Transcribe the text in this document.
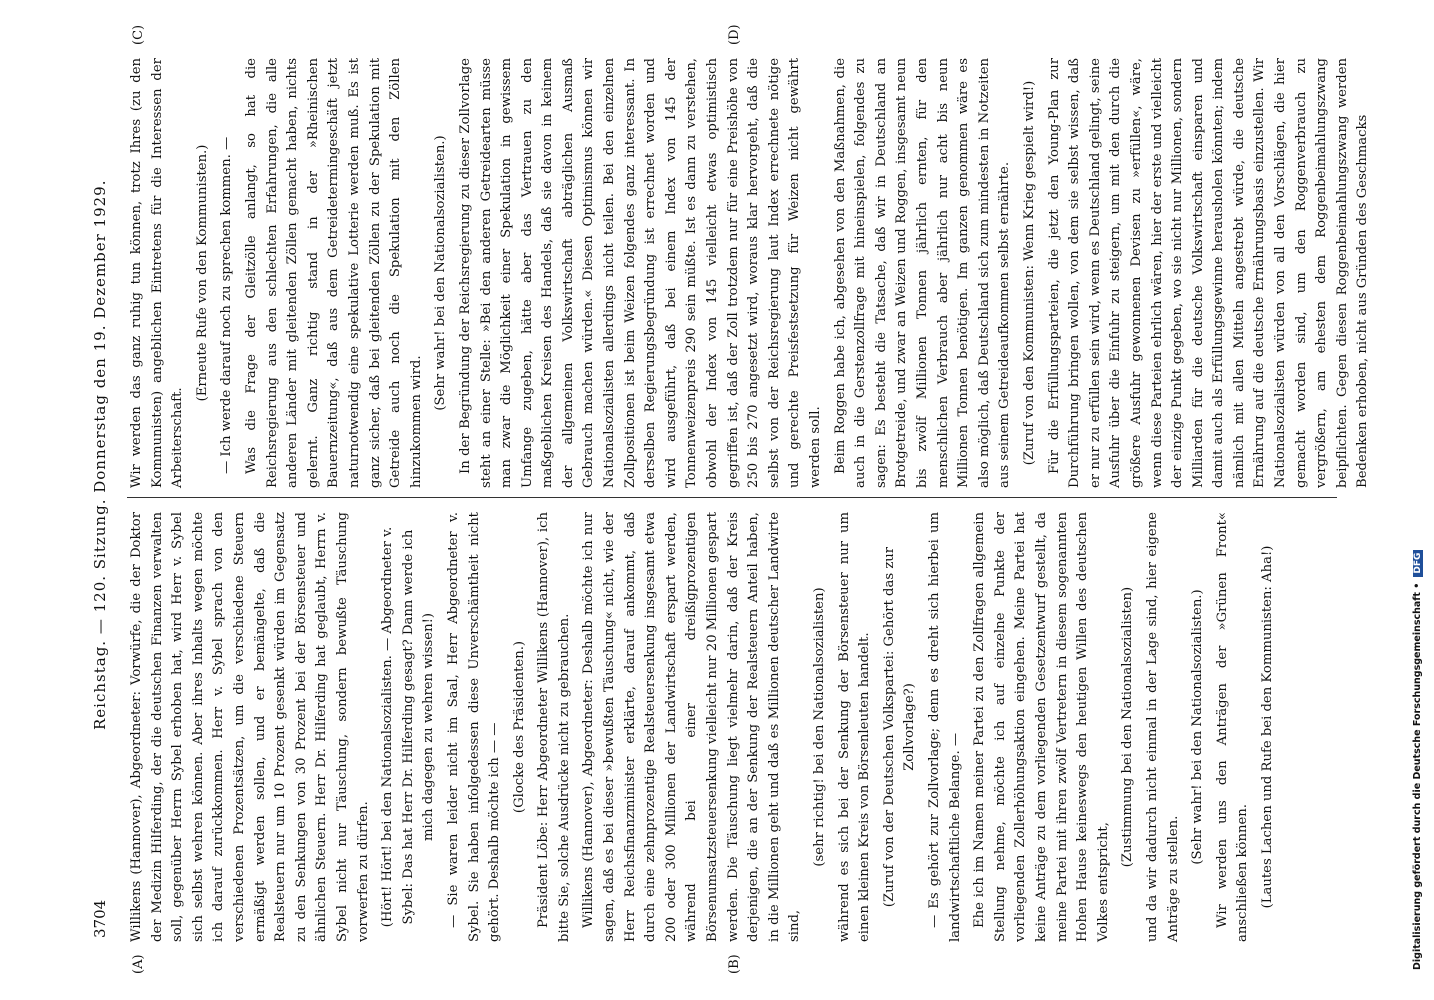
3704
Reichstag. — 120. Sitzung. Donnerstag den 19. Dezember 1929.
(A)	(B)
(C)	(D)

Willikens (Hannover), Abgeordneter: Vorwürfe, die der Doktor der Medizin Hilferding, der die deutschen Finanzen verwalten soll, gegenüber Herrn Sybel erhoben hat, wird Herr v. Sybel sich selbst wehren können. Aber ihres Inhalts wegen möchte ich darauf zurückkommen. Herr v. Sybel sprach von den verschiedenen Prozentsätzen, um die verschiedene Steuern ermäßigt werden sollen, und er bemängelte, daß die Realsteuern nur um 10 Prozent gesenkt würden im Gegensatz zu den Senkungen von 30 Prozent bei der Börsensteuer und ähnlichen Steuern. Herr Dr. Hilferding hat geglaubt, Herrn v. Sybel nicht nur Täuschung, sondern bewußte Täuschung vorwerfen zu dürfen. (Hört! Hört! bei den Nationalsozialisten. — Abgeordneter v. Sybel: Das hat Herr Dr. Hilferding gesagt? Dann werde ich mich dagegen zu wehren wissen!) — Sie waren leider nicht im Saal, Herr Abgeordneter v. Sybel. Sie haben infolgedessen diese Unverschämtheit nicht gehört. Deshalb möchte ich — — (Glocke des Präsidenten.) Präsident Löbe: Herr Abgeordneter Willikens (Hannover), ich bitte Sie, solche Ausdrücke nicht zu gebrauchen. Willikens (Hannover), Abgeordneter: Deshalb möchte ich nur sagen, daß es bei dieser »bewußten Täuschung« nicht, wie der Herr Reichsfinanzminister erklärte, darauf ankommt, daß durch eine zehnprozentige Realsteuersenkung insgesamt etwa 200 oder 300 Millionen der Landwirtschaft erspart werden, während bei einer dreißigprozentigen Börsenumsatzsteuersenkung vielleicht nur 20 Millionen gespart werden. Die Täuschung liegt vielmehr darin, daß der Kreis derjenigen, die an der Senkung der Realsteuern Anteil haben, in die Millionen geht und daß es Millionen deutscher Landwirte sind,

(sehr richtig! bei den Nationalsozialisten) während es sich bei der Senkung der Börsensteuer nur um einen kleinen Kreis von Börsenleuten handelt. (Zuruf von der Deutschen Volkspartei: Gehört das zur Zollvorlage?) — Es gehört zur Zollvorlage; denn es dreht sich hierbei um landwirtschaftliche Belange. — Ehe ich im Namen meiner Partei zu den Zollfragen allgemein Stellung nehme, möchte ich auf einzelne Punkte der vorliegenden Zollerhöhungsaktion eingehen. Meine Partei hat keine Anträge zu dem vorliegenden Gesetzentwurf gestellt, da meine Partei mit ihren zwölf Vertretern in diesem sogenannten Hohen Hause keineswegs den heutigen Willen des deutschen Volkes entspricht,

(Zustimmung bei den Nationalsozialisten) und da wir dadurch nicht einmal in der Lage sind, hier eigene Anträge zu stellen.

(Sehr wahr! bei den Nationalsozialisten.) Wir werden uns den Anträgen der »Grünen Front« anschließen können. (Lautes Lachen und Rufe bei den Kommunisten: Aha!)

Wir werden das ganz ruhig tun können, trotz Ihres (zu den Kommunisten) angeblichen Eintretens für die Interessen der Arbeiterschaft.

(Erneute Rufe von den Kommunisten.) — Ich werde darauf noch zu sprechen kommen. — Was die Frage der Gleitzölle anlangt, so hat die Reichsregierung aus den schlechten Erfahrungen, die alle anderen Länder mit gleitenden Zöllen gemacht haben, nichts gelernt. Ganz richtig stand in der »Rheinischen Bauernzeitung«, daß aus dem Getreidetermingeschäft jetzt naturnotwendig eine spekulative Lotterie werden muß. Es ist ganz sicher, daß bei gleitenden Zöllen zu der Spekulation mit Getreide auch noch die Spekulation mit den Zöllen hinzukommen wird.

(Sehr wahr! bei den Nationalsozialisten.) In der Begründung der Reichsregierung zu dieser Zollvorlage steht an einer Stelle: »Bei den anderen Getreidearten müsse man zwar die Möglichkeit einer Spekulation in gewissem Umfange zugeben, hätte aber das Vertrauen zu den maßgeblichen Kreisen des Handels, daß sie davon in keinem der allgemeinen Volkswirtschaft abträglichen Ausmaß Gebrauch machen würden.« Diesen Optimismus können wir Nationalsozialisten allerdings nicht teilen. Bei den einzelnen Zollpositionen ist beim Weizen folgendes ganz interessant. In derselben Regierungsbegründung ist errechnet worden und wird ausgeführt, daß bei einem Index von 145 der Tonnenweizenpreis 290 sein müßte. Ist es dann zu verstehen, obwohl der Index von 145 vielleicht etwas optimistisch gegriffen ist, daß der Zoll trotzdem nur für eine Preishöhe von 250 bis 270 angesetzt wird, woraus klar hervorgeht, daß die selbst von der Reichsregierung laut Index errechnete nötige und gerechte Preisfestsetzung für Weizen nicht gewährt werden soll. Beim Roggen habe ich, abgesehen von den Maßnahmen, die auch in die Gerstenzollfrage mit hineinspielen, folgendes zu sagen: Es besteht die Tatsache, daß wir in Deutschland an Brotgetreide, und zwar an Weizen und Roggen, insgesamt neun bis zwölf Millionen Tonnen jährlich ernten, für den menschlichen Verbrauch aber jährlich nur acht bis neun Millionen Tonnen benötigen. Im ganzen genommen wäre es also möglich, daß Deutschland sich zum mindesten in Notzeiten aus seinem Getreideaufkommen selbst ernährte. (Zuruf von den Kommunisten: Wenn Krieg gespielt wird!) Für die Erfüllungsparteien, die jetzt den Young-Plan zur Durchführung bringen wollen, von dem sie selbst wissen, daß er nur zu erfüllen sein wird, wenn es Deutschland gelingt, seine Ausfuhr über die Einfuhr zu steigern, um mit den durch die größere Ausfuhr gewonnenen Devisen zu »erfüllen«, wäre, wenn diese Parteien ehrlich wären, hier der erste und vielleicht der einzige Punkt gegeben, wo sie nicht nur Millionen, sondern Milliarden für die deutsche Volkswirtschaft einsparen und damit auch als Erfüllungsgewinne herausholen könnten; indem nämlich mit allen Mitteln angestrebt würde, die deutsche Ernährung auf die deutsche Ernährungsbasis einzustellen. Wir Nationalsozialisten würden von all den Vorschlägen, die hier gemacht worden sind, um den Roggenverbrauch zu vergrößern, am ehesten dem Roggenbeimahlungszwang beipflichten. Gegen diesen Roggenbeimahlungszwang werden Bedenken erhoben, nicht aus Gründen des Geschmacks

Digitalisierung gefördert durch die Deutsche Forschungsgemeinschaft •DFG
